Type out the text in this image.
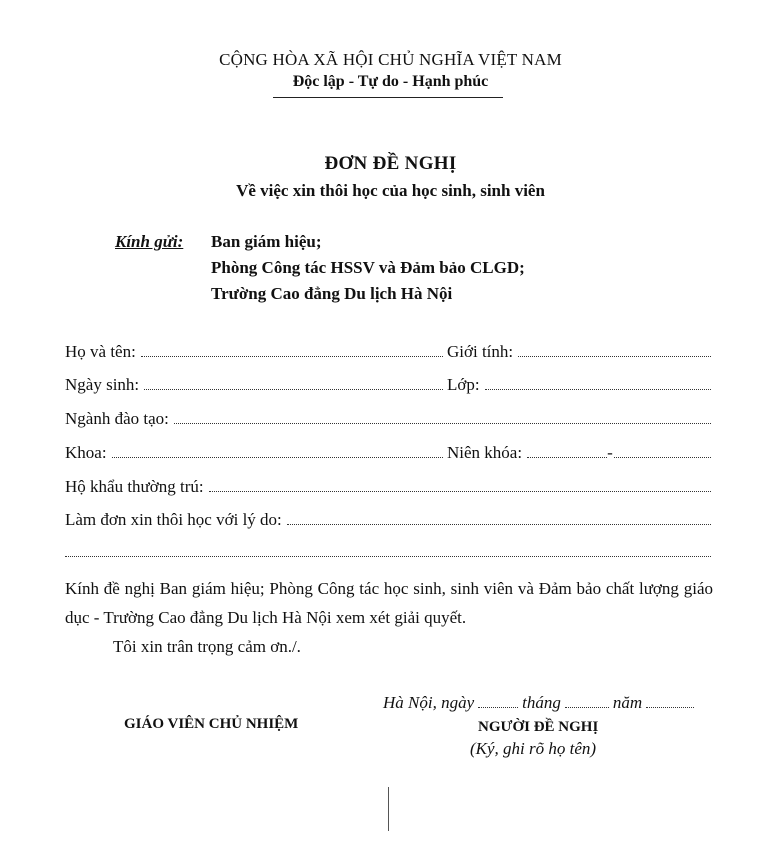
CỘNG HÒA XÃ HỘI CHỦ NGHĨA VIỆT NAM
Độc lập - Tự do - Hạnh phúc
ĐƠN ĐỀ NGHỊ
Về việc xin thôi học của học sinh, sinh viên
Kính gửi: Ban giám hiệu;
Phòng Công tác HSSV và Đảm bảo CLGD;
Trường Cao đẳng Du lịch Hà Nội
Họ và tên:	Giới tính:
Ngày sinh:	Lớp:
Ngành đào tạo:
Khoa:	Niên khóa:	-
Hộ khẩu thường trú:
Làm đơn xin thôi học với lý do:
Kính đề nghị Ban giám hiệu; Phòng Công tác học sinh, sinh viên và Đảm bảo chất lượng giáo dục - Trường Cao đẳng Du lịch Hà Nội xem xét giải quyết.
Tôi xin trân trọng cảm ơn./.
Hà Nội, ngày	tháng	năm
GIÁO VIÊN CHỦ NHIỆM	NGƯỜI ĐỀ NGHỊ
(Ký, ghi rõ họ tên)
